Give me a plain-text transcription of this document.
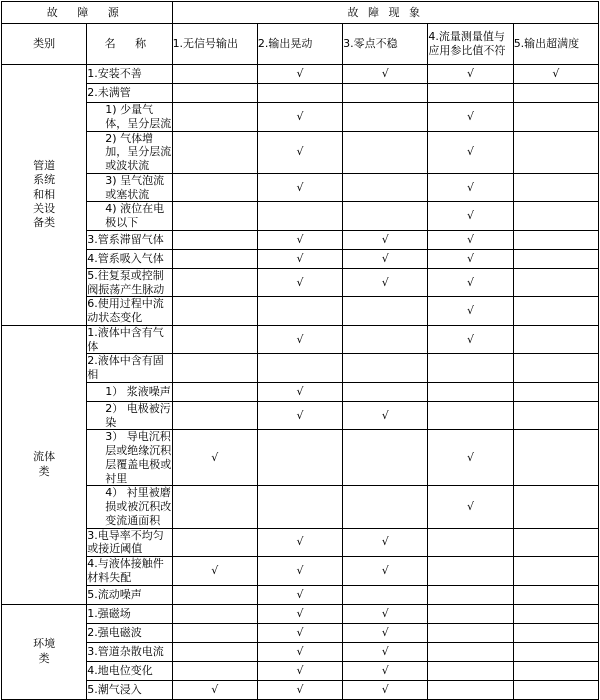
故 障 源		故 障 现 象				
类别	名 称	1.无信号输出	2.输出晃动	3.零点不稳	4.流量测量值与应用参比值不符	5.输出超满度

管道系统和相关设备类	1.安装不善		√	√	√	√
	2.未满管					
	1) 少量气体，呈分层流		√		√	
	2) 气体增加，呈分层流或波状流		√		√	
	3) 呈气泡流或塞状流		√		√	
	4) 液位在电极以下				√	
	3.管系滞留气体		√	√	√	
	4.管系吸入气体		√	√	√	
	5.往复泵或控制阀振荡产生脉动		√	√	√	
	6.使用过程中流动状态变化				√	

流体类	1.液体中含有气体		√		√	
	2.液体中含有固相					
	1） 浆液噪声		√			
	2） 电极被污染		√	√		
	3） 导电沉积层或绝缘沉积层覆盖电极或衬里	√			√	
	4） 衬里被磨损或被沉积改变流通面积				√	
	3.电导率不均匀或接近阈值		√	√		
	4.与液体接触件材料失配	√	√	√		
	5.流动噪声		√			

环境类	1.强磁场		√	√		
	2.强电磁波		√	√		
	3.管道杂散电流		√	√		
	4.地电位变化		√	√		
	5.潮气浸入	√	√	√		
